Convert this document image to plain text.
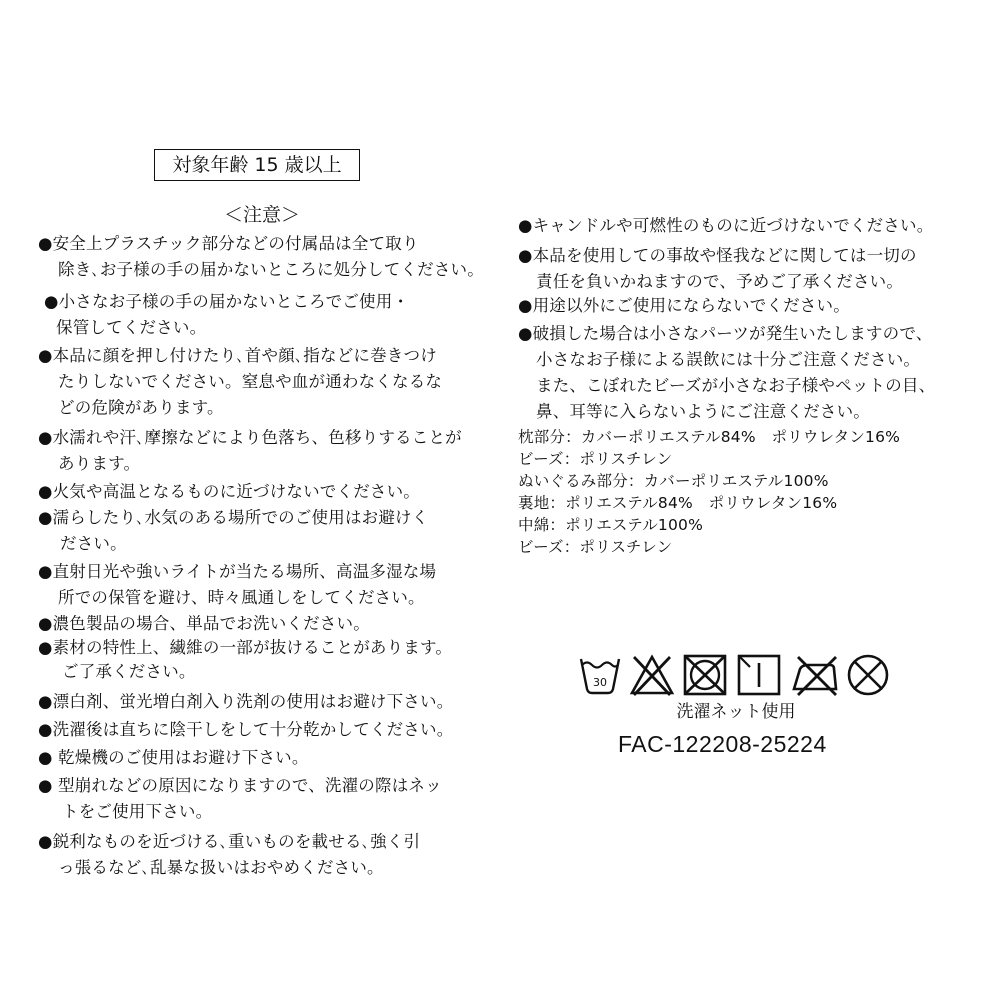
対象年齢 15 歳以上
＜注意＞
●安全上プラスチック部分などの付属品は全て取り
除き､お子様の手の届かないところに処分してください。
●小さなお子様の手の届かないところでご使用・
保管してください。
●本品に顔を押し付けたり､首や顔､指などに巻きつけ
たりしないでください。窒息や血が通わなくなるな
どの危険があります。
●水濡れや汗､摩擦などにより色落ち、色移りすることが
あります。
●火気や高温となるものに近づけないでください。
●濡らしたり､水気のある場所でのご使用はお避けく
ださい。
●直射日光や強いライトが当たる場所、高温多湿な場
所での保管を避け、時々風通しをしてください。
●濃色製品の場合、単品でお洗いください。
●素材の特性上、繊維の一部が抜けることがあります。
ご了承ください。
●漂白剤、蛍光増白剤入り洗剤の使用はお避け下さい。
●洗濯後は直ちに陰干しをして十分乾かしてください。
● 乾燥機のご使用はお避け下さい。
● 型崩れなどの原因になりますので、洗濯の際はネッ
トをご使用下さい。
●鋭利なものを近づける､重いものを載せる､強く引
っ張るなど､乱暴な扱いはおやめください。
●キャンドルや可燃性のものに近づけないでください。
●本品を使用しての事故や怪我などに関しては一切の
責任を負いかねますので、予めご了承ください。
●用途以外にご使用にならないでください。
●破損した場合は小さなパーツが発生いたしますので、
小さなお子様による誤飲には十分ご注意ください。
また、こぼれたビーズが小さなお子様やペットの目、
鼻、耳等に入らないようにご注意ください。
枕部分：カバーポリエステル84%　ポリウレタン16%
ビーズ：ポリスチレン
ぬいぐるみ部分：カバーポリエステル100%
裏地：ポリエステル84%　ポリウレタン16%
中綿：ポリエステル100%
ビーズ：ポリスチレン
30
洗濯ネット使用
FAC-122208-25224
